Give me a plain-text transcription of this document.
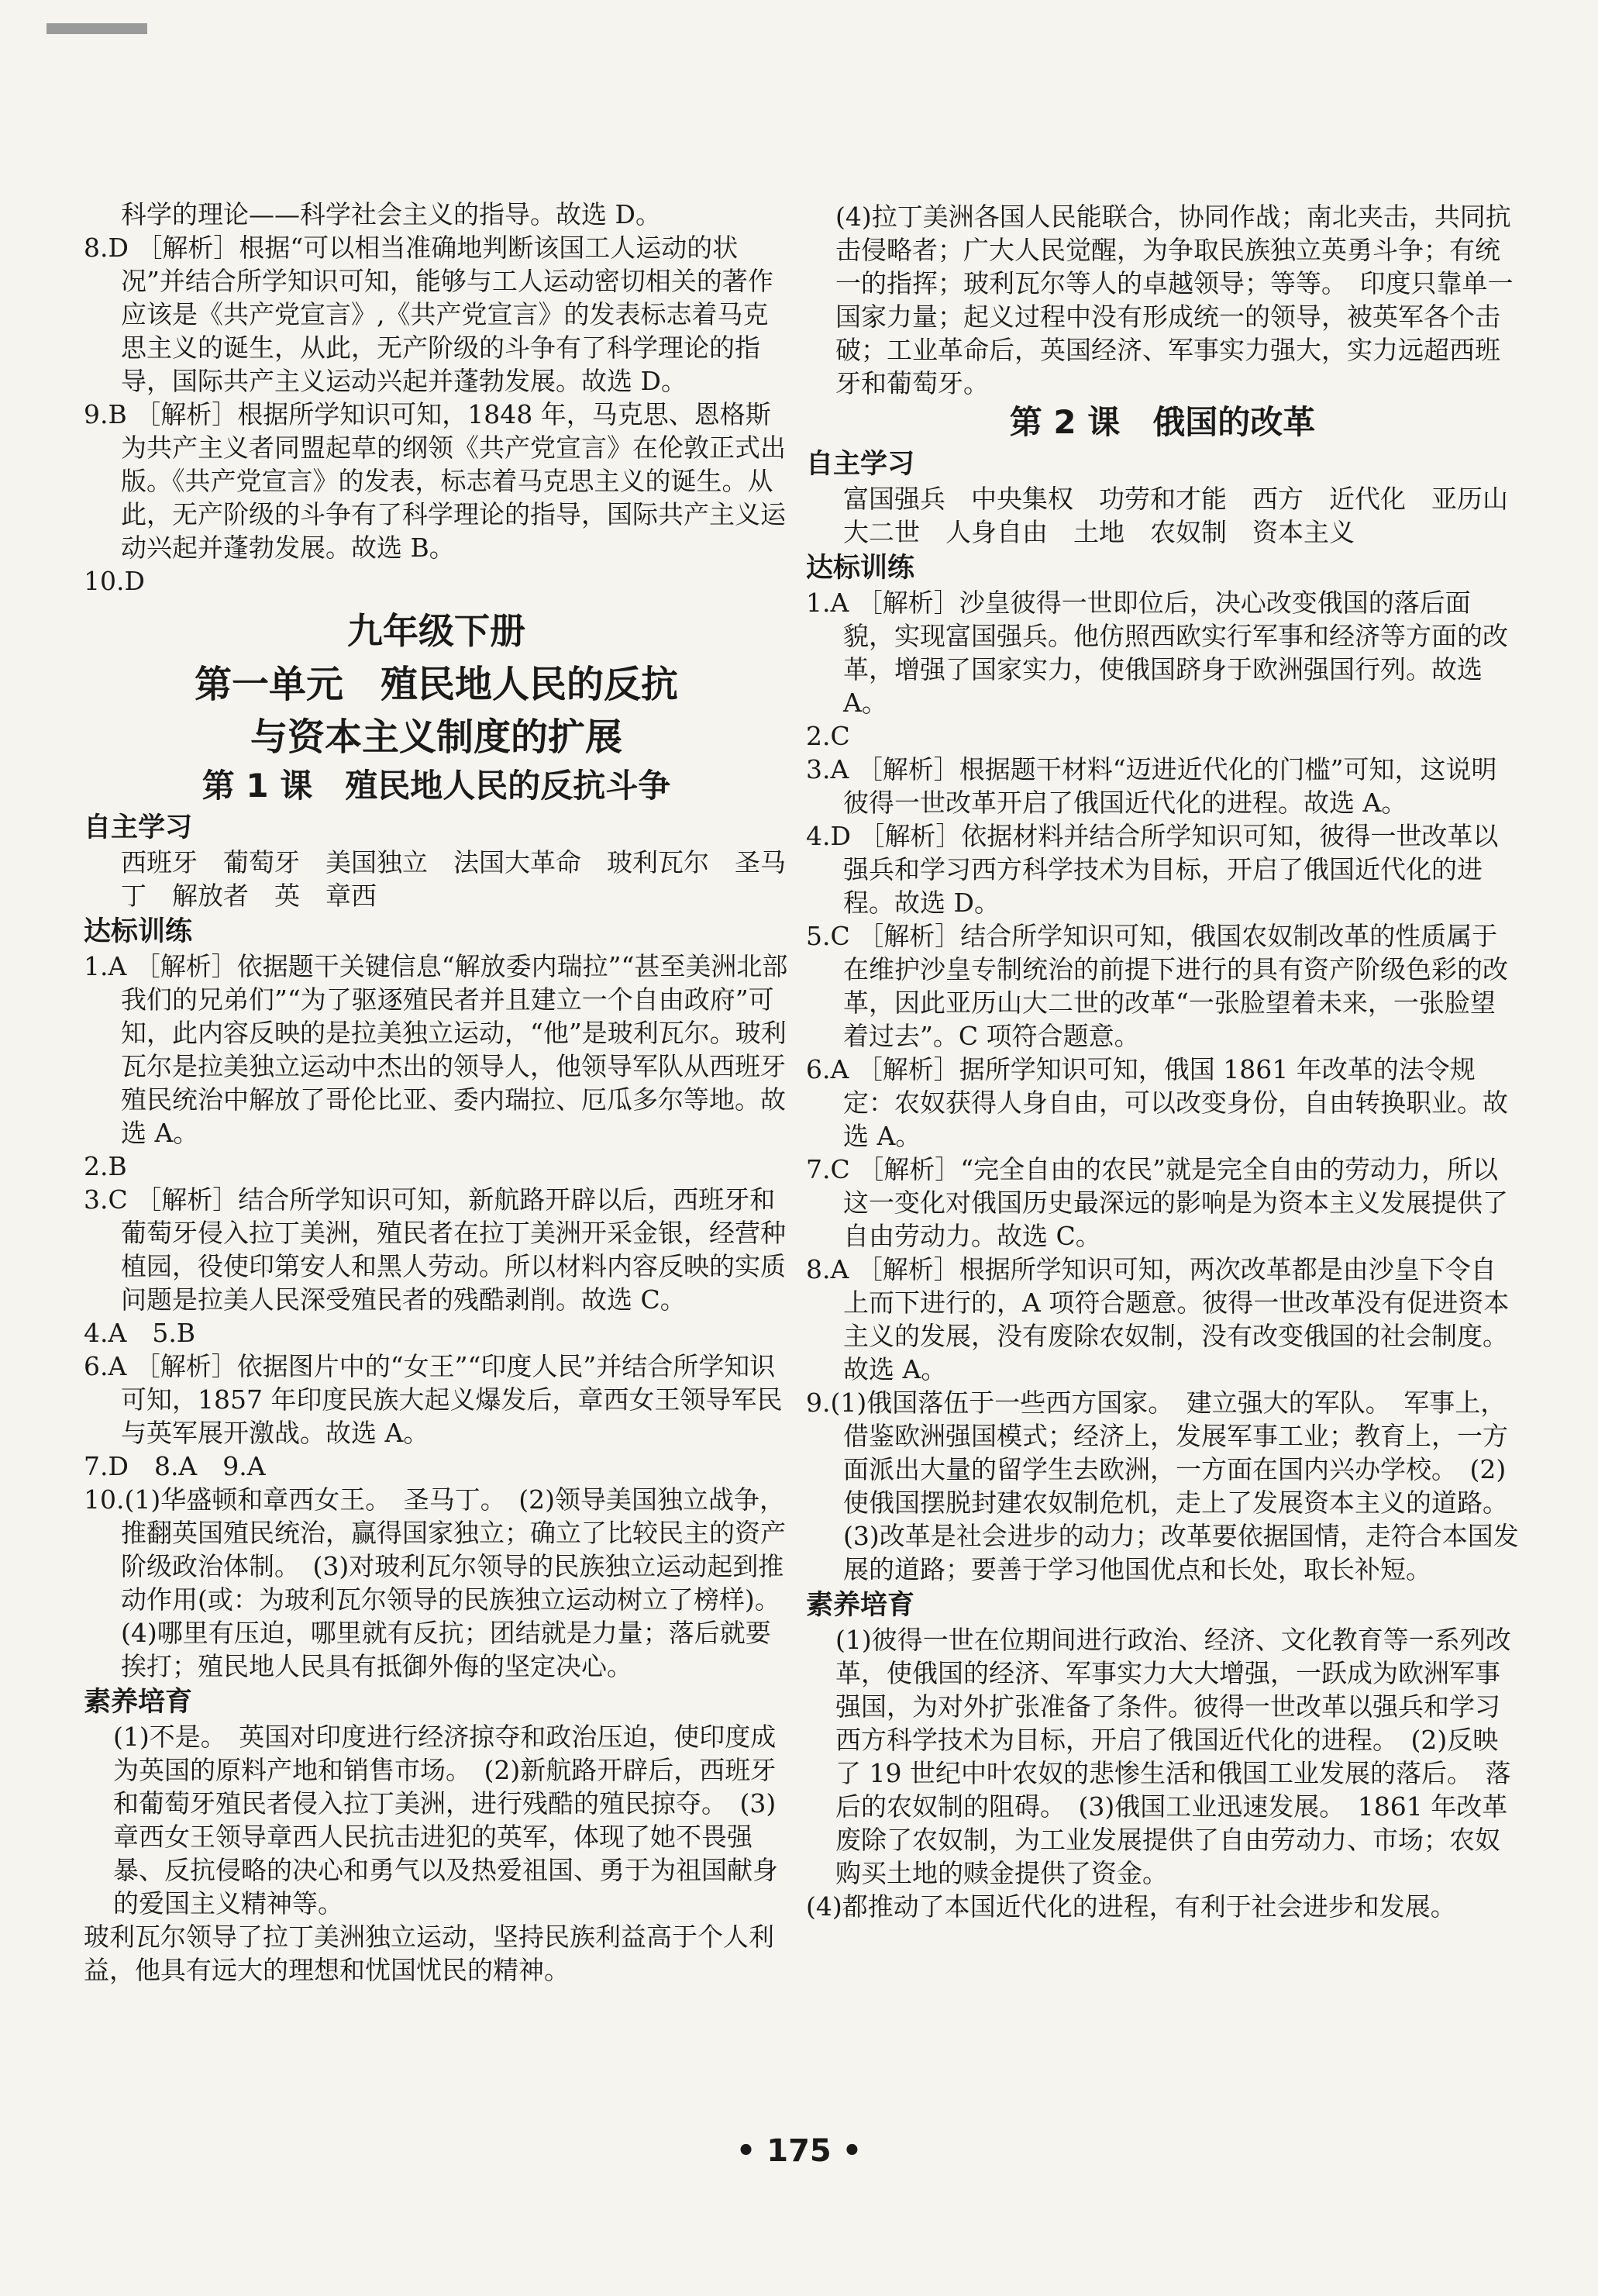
科学的理论——科学社会主义的指导。故选 D。

8.D ［解析］根据“可以相当准确地判断该国工人运动的状况”并结合所学知识可知，能够与工人运动密切相关的著作应该是《共产党宣言》,《共产党宣言》的发表标志着马克思主义的诞生，从此，无产阶级的斗争有了科学理论的指导，国际共产主义运动兴起并蓬勃发展。故选 D。

9.B ［解析］根据所学知识可知，1848 年，马克思、恩格斯为共产主义者同盟起草的纲领《共产党宣言》在伦敦正式出版。《共产党宣言》的发表，标志着马克思主义的诞生。从此，无产阶级的斗争有了科学理论的指导，国际共产主义运动兴起并蓬勃发展。故选 B。

10.D

九年级下册

第一单元　殖民地人民的反抗

与资本主义制度的扩展

第 1 课　殖民地人民的反抗斗争

自主学习

西班牙　葡萄牙　美国独立　法国大革命　玻利瓦尔　圣马丁　解放者　英　章西

达标训练

1.A ［解析］依据题干关键信息“解放委内瑞拉”“甚至美洲北部我们的兄弟们”“为了驱逐殖民者并且建立一个自由政府”可知，此内容反映的是拉美独立运动，“他”是玻利瓦尔。玻利瓦尔是拉美独立运动中杰出的领导人，他领导军队从西班牙殖民统治中解放了哥伦比亚、委内瑞拉、厄瓜多尔等地。故选 A。

2.B

3.C ［解析］结合所学知识可知，新航路开辟以后，西班牙和葡萄牙侵入拉丁美洲，殖民者在拉丁美洲开采金银，经营种植园，役使印第安人和黑人劳动。所以材料内容反映的实质问题是拉美人民深受殖民者的残酷剥削。故选 C。

4.A　5.B

6.A ［解析］依据图片中的“女王”“印度人民”并结合所学知识可知，1857 年印度民族大起义爆发后，章西女王领导军民与英军展开激战。故选 A。

7.D　8.A　9.A

10.(1)华盛顿和章西女王。　圣马丁。　(2)领导美国独立战争，推翻英国殖民统治，赢得国家独立；确立了比较民主的资产阶级政治体制。　(3)对玻利瓦尔领导的民族独立运动起到推动作用(或：为玻利瓦尔领导的民族独立运动树立了榜样)。　(4)哪里有压迫，哪里就有反抗；团结就是力量；落后就要挨打；殖民地人民具有抵御外侮的坚定决心。

素养培育

(1)不是。　英国对印度进行经济掠夺和政治压迫，使印度成为英国的原料产地和销售市场。　(2)新航路开辟后，西班牙和葡萄牙殖民者侵入拉丁美洲，进行残酷的殖民掠夺。　(3)章西女王领导章西人民抗击进犯的英军，体现了她不畏强暴、反抗侵略的决心和勇气以及热爱祖国、勇于为祖国献身的爱国主义精神等。

玻利瓦尔领导了拉丁美洲独立运动，坚持民族利益高于个人利益，他具有远大的理想和忧国忧民的精神。

(4)拉丁美洲各国人民能联合，协同作战；南北夹击，共同抗击侵略者；广大人民觉醒，为争取民族独立英勇斗争；有统一的指挥；玻利瓦尔等人的卓越领导；等等。　印度只靠单一国家力量；起义过程中没有形成统一的领导，被英军各个击破；工业革命后，英国经济、军事实力强大，实力远超西班牙和葡萄牙。

第 2 课　俄国的改革

自主学习

富国强兵　中央集权　功劳和才能　西方　近代化　亚历山大二世　人身自由　土地　农奴制　资本主义

达标训练

1.A ［解析］沙皇彼得一世即位后，决心改变俄国的落后面貌，实现富国强兵。他仿照西欧实行军事和经济等方面的改革，增强了国家实力，使俄国跻身于欧洲强国行列。故选 A。

2.C

3.A ［解析］根据题干材料“迈进近代化的门槛”可知，这说明彼得一世改革开启了俄国近代化的进程。故选 A。

4.D ［解析］依据材料并结合所学知识可知，彼得一世改革以强兵和学习西方科学技术为目标，开启了俄国近代化的进程。故选 D。

5.C ［解析］结合所学知识可知，俄国农奴制改革的性质属于在维护沙皇专制统治的前提下进行的具有资产阶级色彩的改革，因此亚历山大二世的改革“一张脸望着未来，一张脸望着过去”。C 项符合题意。

6.A ［解析］据所学知识可知，俄国 1861 年改革的法令规定：农奴获得人身自由，可以改变身份，自由转换职业。故选 A。

7.C ［解析］“完全自由的农民”就是完全自由的劳动力，所以这一变化对俄国历史最深远的影响是为资本主义发展提供了自由劳动力。故选 C。

8.A ［解析］根据所学知识可知，两次改革都是由沙皇下令自上而下进行的，A 项符合题意。彼得一世改革没有促进资本主义的发展，没有废除农奴制，没有改变俄国的社会制度。故选 A。

9.(1)俄国落伍于一些西方国家。　建立强大的军队。　军事上，借鉴欧洲强国模式；经济上，发展军事工业；教育上，一方面派出大量的留学生去欧洲，一方面在国内兴办学校。　(2)使俄国摆脱封建农奴制危机，走上了发展资本主义的道路。　(3)改革是社会进步的动力；改革要依据国情，走符合本国发展的道路；要善于学习他国优点和长处，取长补短。

素养培育

(1)彼得一世在位期间进行政治、经济、文化教育等一系列改革，使俄国的经济、军事实力大大增强，一跃成为欧洲军事强国，为对外扩张准备了条件。彼得一世改革以强兵和学习西方科学技术为目标，开启了俄国近代化的进程。　(2)反映了 19 世纪中叶农奴的悲惨生活和俄国工业发展的落后。　落后的农奴制的阻碍。　(3)俄国工业迅速发展。　1861 年改革废除了农奴制，为工业发展提供了自由劳动力、市场；农奴购买土地的赎金提供了资金。

(4)都推动了本国近代化的进程，有利于社会进步和发展。

• 175 •
